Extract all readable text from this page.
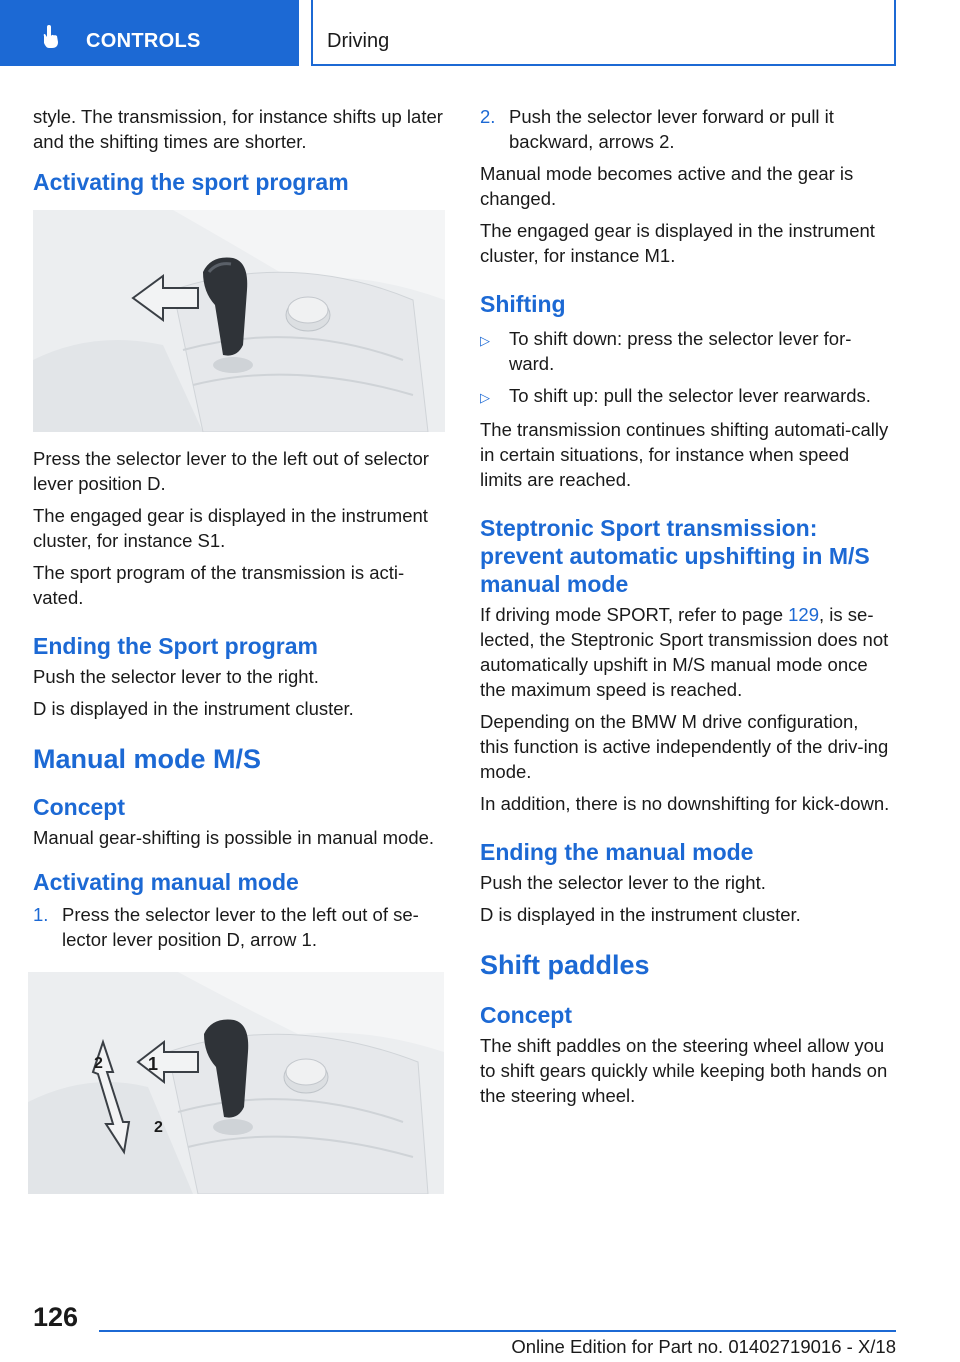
CONTROLS	Driving

style. The transmission, for instance shifts up later and the shifting times are shorter.

Activating the sport program

Press the selector lever to the left out of selector lever position D.

The engaged gear is displayed in the instrument cluster, for instance S1.

The sport program of the transmission is acti-vated.

Ending the Sport program

Push the selector lever to the right.

D is displayed in the instrument cluster.

Manual mode M/S
Concept

Manual gear-shifting is possible in manual mode.

Activating manual mode
1. Press the selector lever to the left out of se-lector lever position D, arrow 1.
1
2
2
2. Push the selector lever forward or pull it backward, arrows 2.

Manual mode becomes active and the gear is changed.

The engaged gear is displayed in the instrument cluster, for instance M1.

Shifting
▷	To shift down: press the selector lever for-ward.
▷	To shift up: pull the selector lever rearwards.

The transmission continues shifting automati-cally in certain situations, for instance when speed limits are reached.

Steptronic Sport transmission: prevent automatic upshifting in M/S manual mode

If driving mode SPORT, refer to page 129, is se-lected, the Steptronic Sport transmission does not automatically upshift in M/S manual mode once the maximum speed is reached.

Depending on the BMW M drive configuration, this function is active independently of the driv-ing mode.

In addition, there is no downshifting for kick-down.

Ending the manual mode

Push the selector lever to the right.

D is displayed in the instrument cluster.

Shift paddles
Concept

The shift paddles on the steering wheel allow you to shift gears quickly while keeping both hands on the steering wheel.

126
Online Edition for Part no. 01402719016 - X/18
